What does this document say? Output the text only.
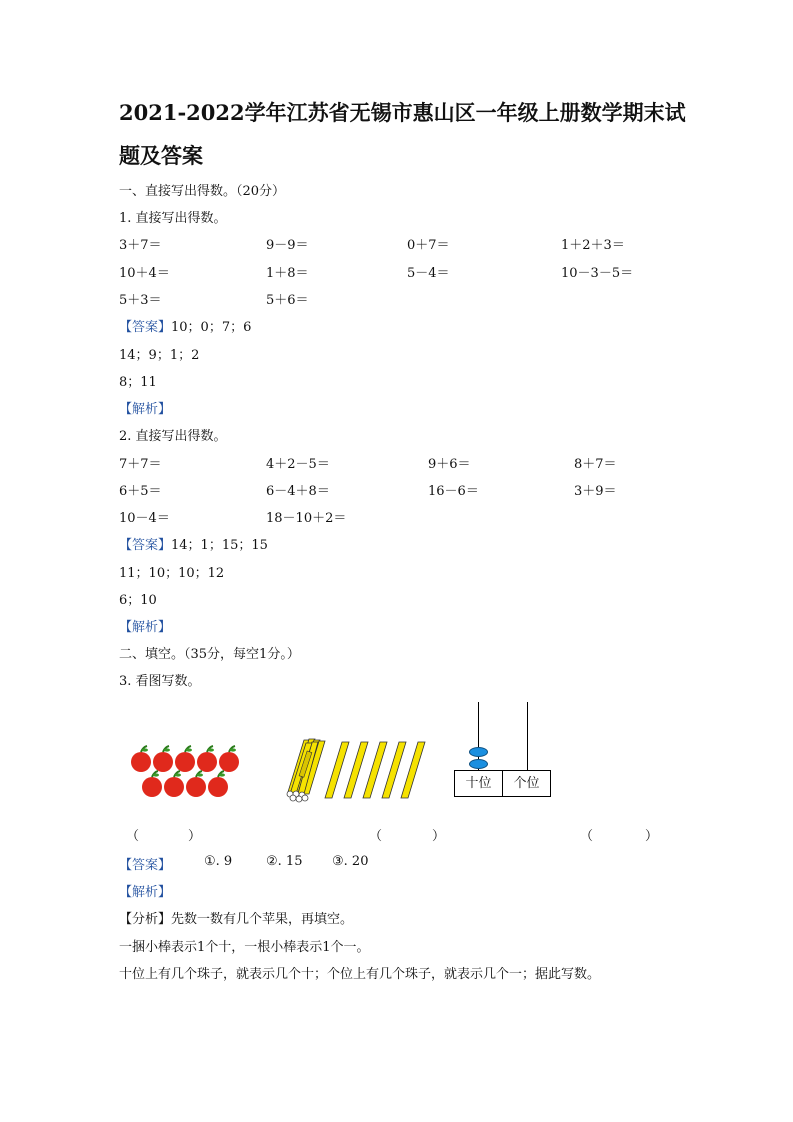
2021-2022学年江苏省无锡市惠山区一年级上册数学期末试
题及答案
一、直接写出得数。（20分）
1. 直接写出得数。
3＋7＝	9－9＝	0＋7＝	1＋2＋3＝
10＋4＝	1＋8＝	5－4＝	10－3－5＝
5＋3＝	5＋6＝
【答案】10；0；7；6
14；9；1；2
8；11
【解析】
2. 直接写出得数。
7＋7＝	4＋2－5＝	9＋6＝	8＋7＝
6＋5＝	6－4＋8＝	16－6＝	3＋9＝
10－4＝	18－10＋2＝
【答案】14；1；15；15
11；10；10；12
6；10
【解析】
二、填空。（35分，每空1分。）
3. 看图写数。
十位	个位
（	）	（	）	（	）
【答案】	①. 9	②. 15 ③. 20
【解析】
【分析】先数一数有几个苹果，再填空。
一捆小棒表示1个十，一根小棒表示1个一。
十位上有几个珠子，就表示几个十；个位上有几个珠子，就表示几个一；据此写数。
